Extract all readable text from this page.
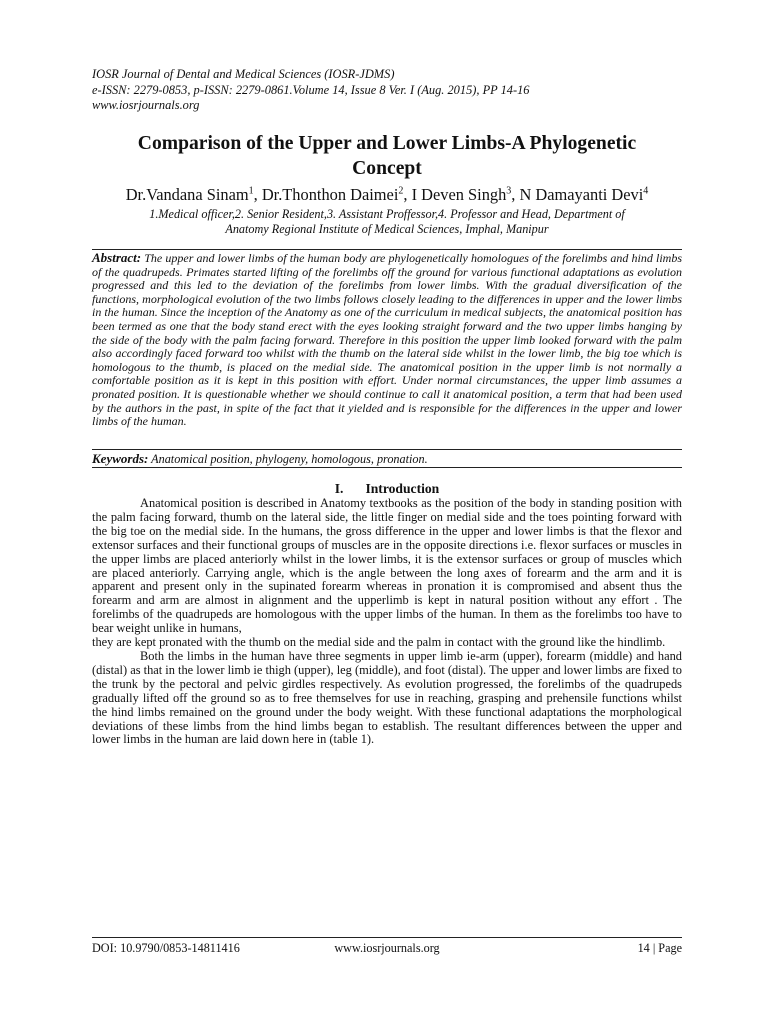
IOSR Journal of Dental and Medical Sciences (IOSR-JDMS)
e-ISSN: 2279-0853, p-ISSN: 2279-0861.Volume 14, Issue 8 Ver. I (Aug. 2015), PP 14-16
www.iosrjournals.org
Comparison of the Upper and Lower Limbs-A Phylogenetic
Concept
Dr.Vandana Sinam$^1$, Dr.Thonthon Daimei$^2$, I Deven Singh$^3$, N Damayanti Devi$^4$
1.Medical officer,2. Senior Resident,3. Assistant Proffessor,4. Professor and Head, Department of
Anatomy Regional Institute of Medical Sciences, Imphal, Manipur
Abstract: The upper and lower limbs of the human body are phylogenetically homologues of the forelimbs and hind limbs of the quadrupeds. Primates started lifting of the forelimbs off the ground for various functional adaptations as evolution progressed and this led to the deviation of the forelimbs from lower limbs. With the gradual diversification of the functions, morphological evolution of the two limbs follows closely leading to the differences in upper and the lower limbs in the human. Since the inception of the Anatomy as one of the curriculum in medical subjects, the anatomical position has been termed as one that the body stand erect with the eyes looking straight forward and the two upper limbs hanging by the side of the body with the palm facing forward. Therefore in this position the upper limb looked forward with the palm also accordingly faced forward too whilst with the thumb on the lateral side whilst in the lower limb, the big toe which is homologous to the thumb, is placed on the medial side. The anatomical position in the upper limb is not normally a comfortable position as it is kept in this position with effort. Under normal circumstances, the upper limb assumes a pronated position. It is questionable whether we should continue to call it anatomical position, a term that had been used by the authors in the past, in spite of the fact that it yielded and is responsible for the differences in the upper and lower limbs of the human.
Keywords: Anatomical position, phylogeny, homologous, pronation.
I. Introduction

Anatomical position is described in Anatomy textbooks as the position of the body in standing position with the palm facing forward, thumb on the lateral side, the little finger on medial side and the toes pointing forward with the big toe on the medial side. In the humans, the gross difference in the upper and lower limbs is that the flexor and extensor surfaces and their functional groups of muscles are in the opposite directions i.e. flexor surfaces or muscles in the upper limbs are placed anteriorly whilst in the lower limbs, it is the extensor surfaces or group of muscles which are placed anteriorly. Carrying angle, which is the angle between the long axes of forearm and the arm and it is apparent and present only in the supinated forearm whereas in pronation it is compromised and absent thus the forearm and arm are almost in alignment and the upperlimb is kept in natural position without any effort . The forelimbs of the quadrupeds are homologous with the upper limbs of the human. In them as the forelimbs too have to bear weight unlike in humans,

they are kept pronated with the thumb on the medial side and the palm in contact with the ground like the hindlimb.

Both the limbs in the human have three segments in upper limb ie-arm (upper), forearm (middle) and hand (distal) as that in the lower limb ie thigh (upper), leg (middle), and foot (distal). The upper and lower limbs are fixed to the trunk by the pectoral and pelvic girdles respectively. As evolution progressed, the forelimbs of the quadrupeds gradually lifted off the ground so as to free themselves for use in reaching, grasping and prehensile functions whilst the hind limbs remained on the ground under the body weight. With these functional adaptations the morphological deviations of these limbs from the hind limbs began to establish. The resultant differences between the upper and lower limbs in the human are laid down here in (table 1).

DOI: 10.9790/0853-14811416	www.iosrjournals.org	14 | Page
